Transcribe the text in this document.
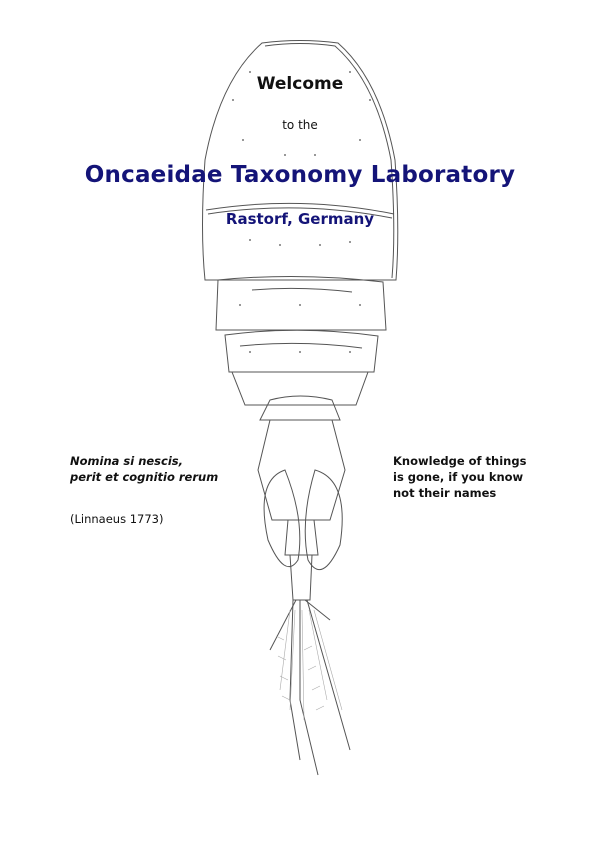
Welcome
to the
Oncaeidae Taxonomy Laboratory
Rastorf, Germany
Nomina si nescis,
perit et cognitio rerum
(Linnaeus 1773)
Knowledge of things
is gone, if you know
not their names
